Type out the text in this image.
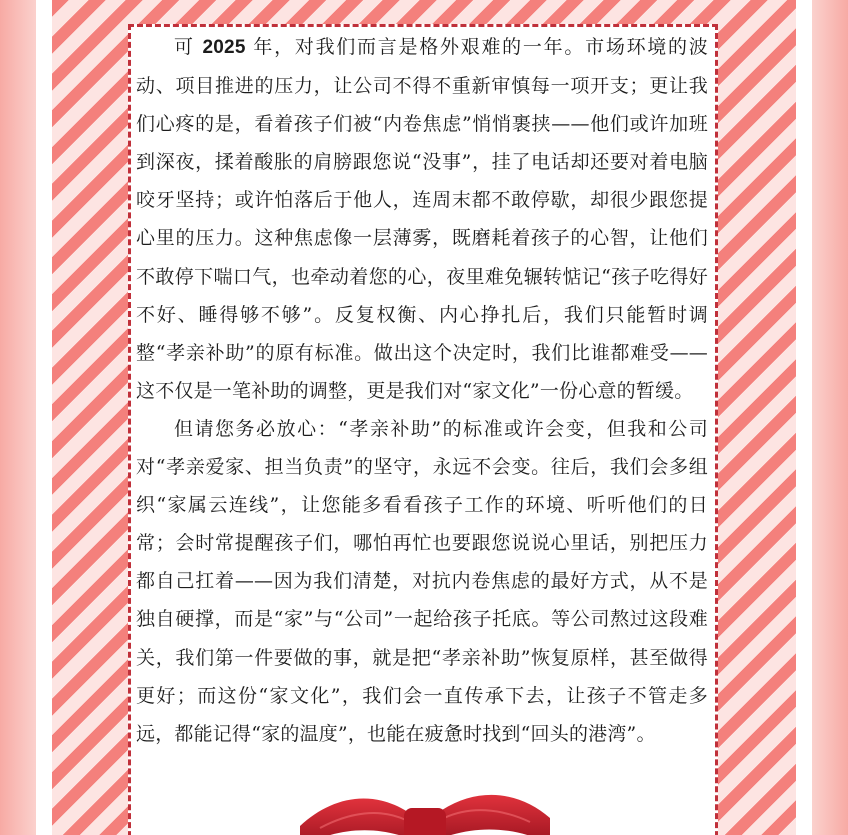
可 2025 年，对我们而言是格外艰难的一年。市场环境的波动、项目推进的压力，让公司不得不重新审慎每一项开支；更让我们心疼的是，看着孩子们被“内卷焦虑”悄悄裹挟——他们或许加班到深夜，揉着酸胀的肩膀跟您说“没事”，挂了电话却还要对着电脑咬牙坚持；或许怕落后于他人，连周末都不敢停歇，却很少跟您提心里的压力。这种焦虑像一层薄雾，既磨耗着孩子的心智，让他们不敢停下喘口气，也牵动着您的心，夜里难免辗转惦记“孩子吃得好不好、睡得够不够”。反复权衡、内心挣扎后，我们只能暂时调整“孝亲补助”的原有标准。做出这个决定时，我们比谁都难受——这不仅是一笔补助的调整，更是我们对“家文化”一份心意的暂缓。

但请您务必放心：“孝亲补助”的标准或许会变，但我和公司对“孝亲爱家、担当负责”的坚守，永远不会变。往后，我们会多组织“家属云连线”，让您能多看看孩子工作的环境、听听他们的日常；会时常提醒孩子们，哪怕再忙也要跟您说说心里话，别把压力都自己扛着——因为我们清楚，对抗内卷焦虑的最好方式，从不是独自硬撑，而是“家”与“公司”一起给孩子托底。等公司熬过这段难关，我们第一件要做的事，就是把“孝亲补助”恢复原样，甚至做得更好；而这份“家文化”，我们会一直传承下去，让孩子不管走多远，都能记得“家的温度”，也能在疲惫时找到“回头的港湾”。
